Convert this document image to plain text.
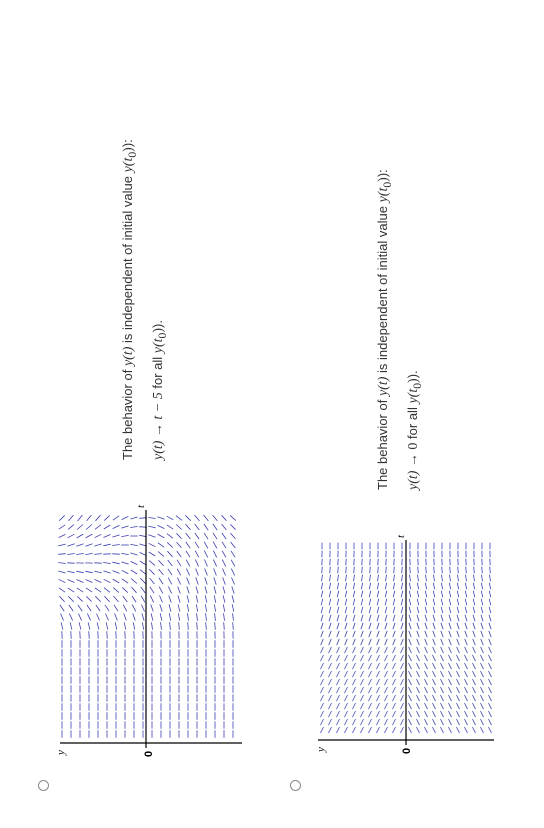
The behavior of y(t) is independent of initial value $y(t_0)$):
y(t) → t − 5 for all $y(t_0)$).
t
y	0
The behavior of y(t) is independent of initial value $y(t_0)$):
y(t) → 0 for all $y(t_0)$).
t
y	0
